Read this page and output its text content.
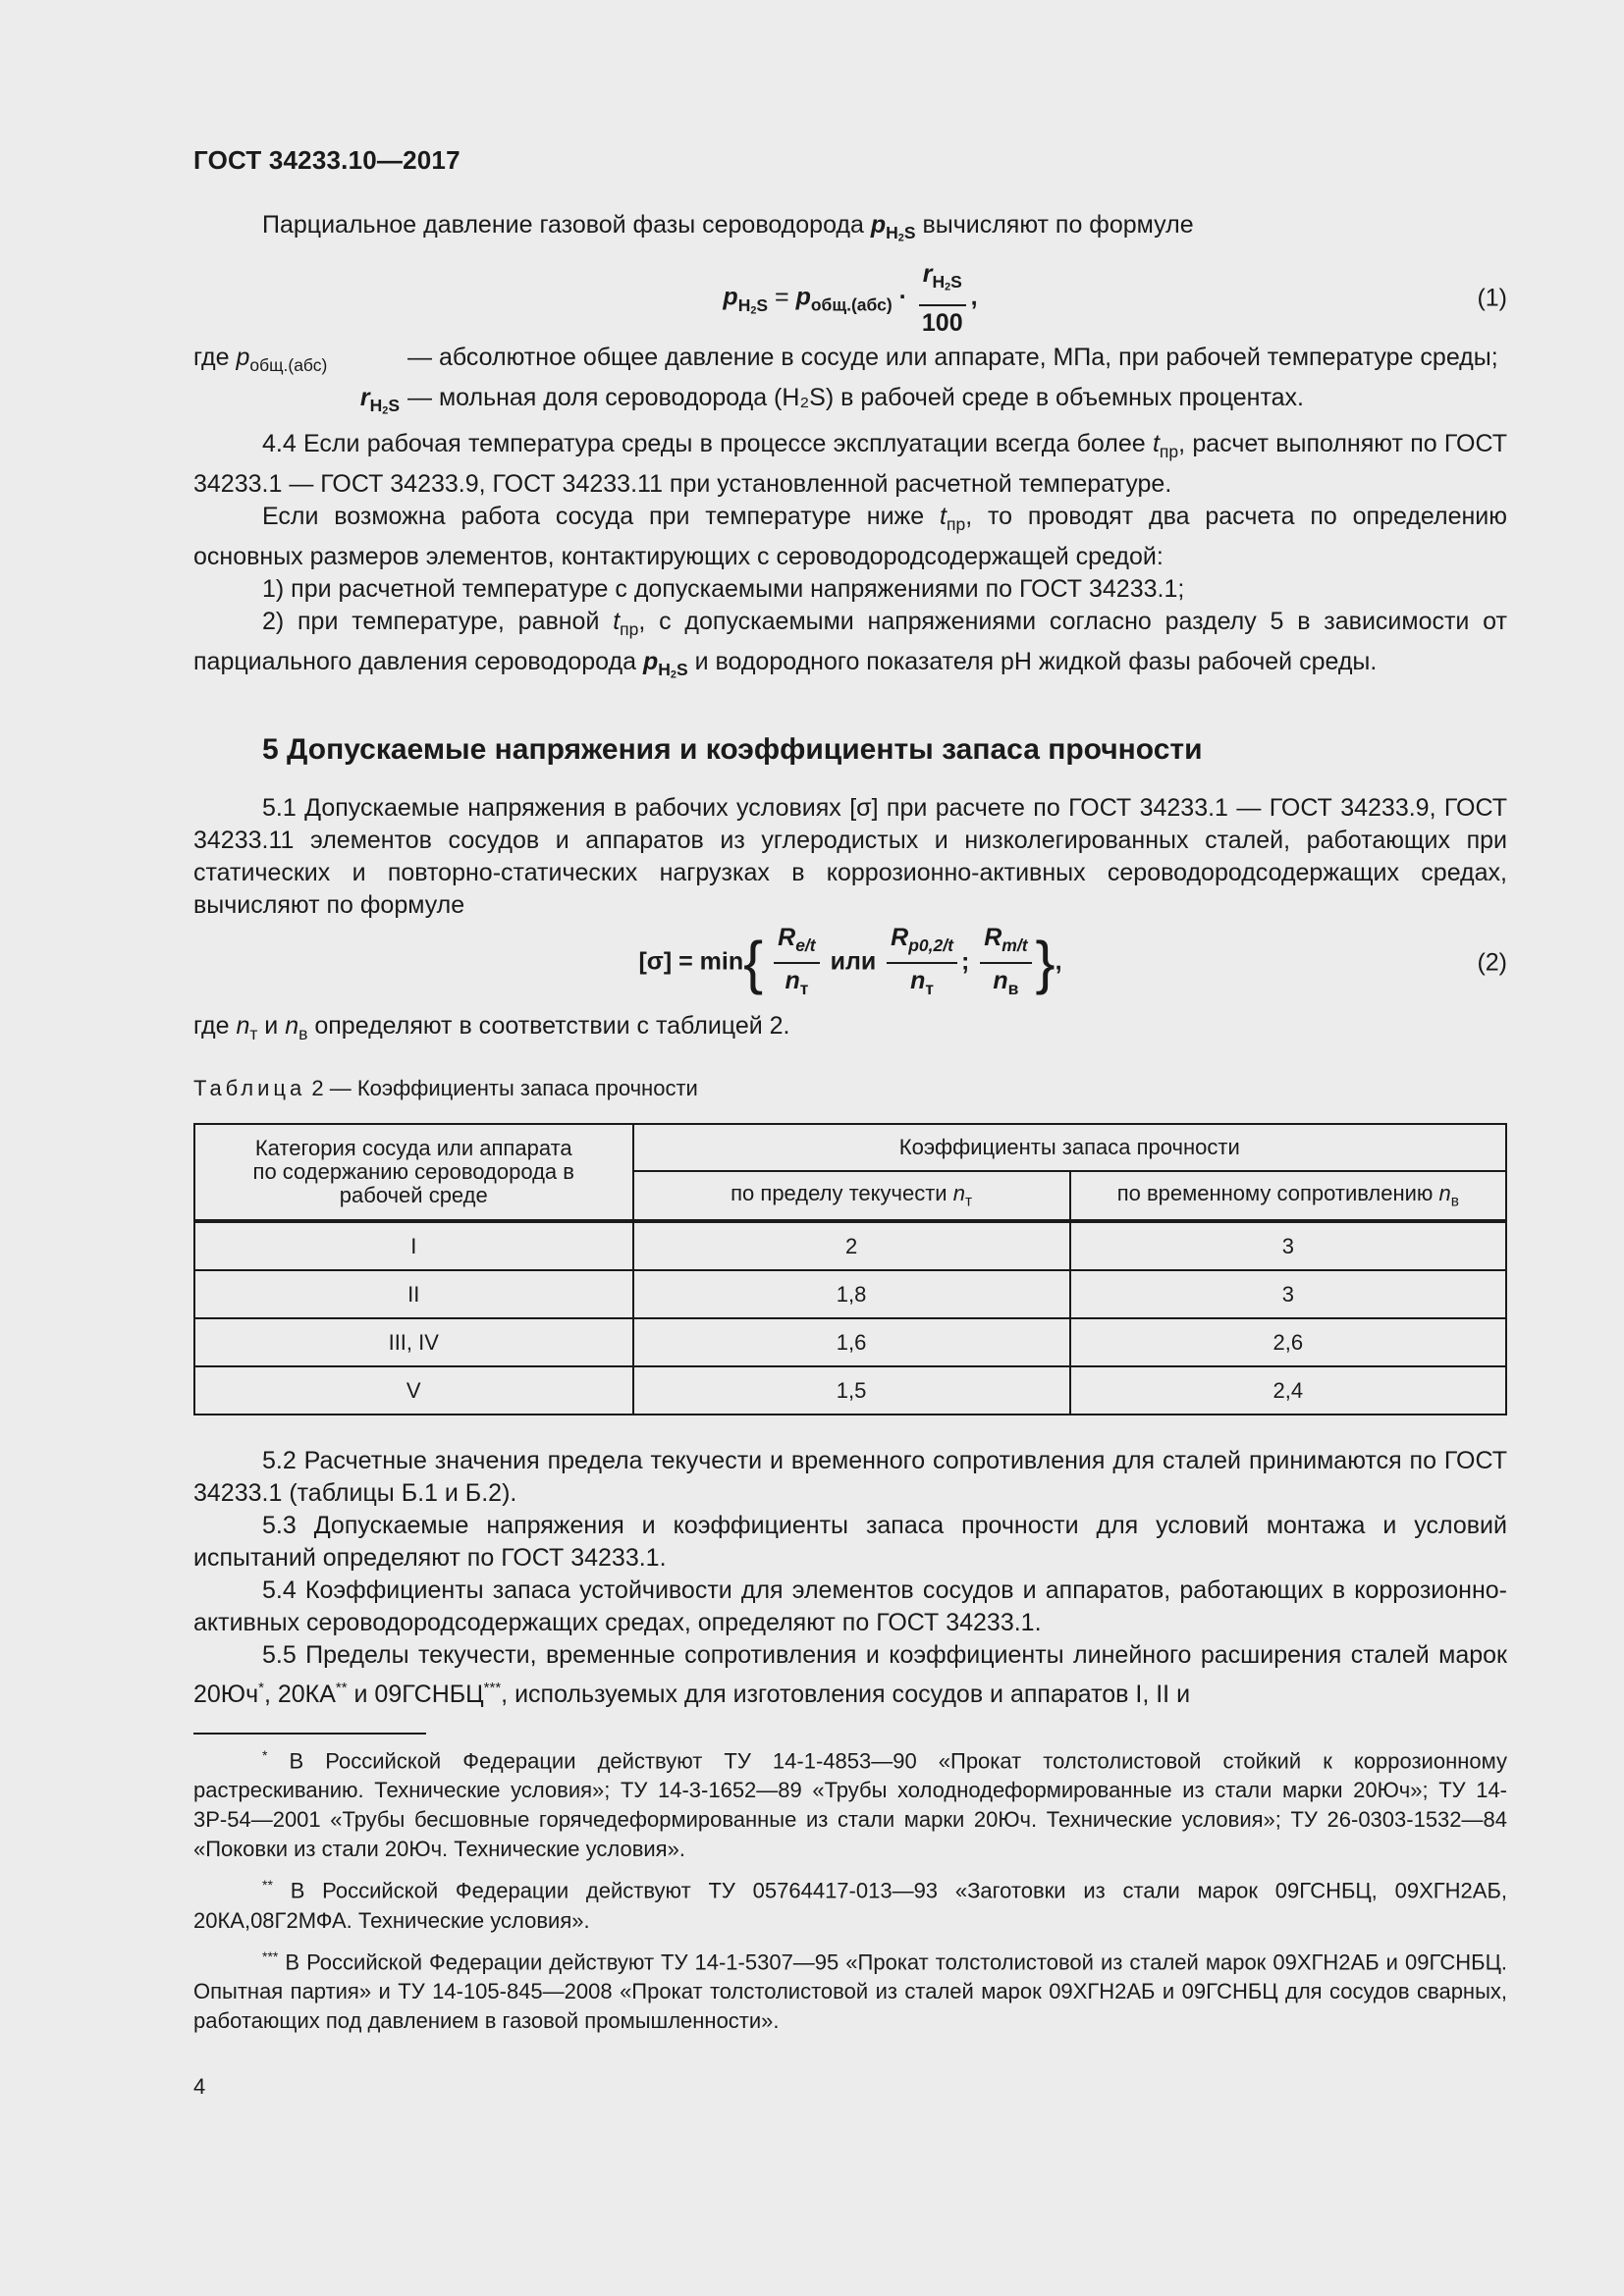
ГОСТ 34233.10—2017

Парциальное давление газовой фазы сероводорода $p_{H2S}$ вычисляют по формуле

$p_{H2S} = p_{общ.(абс)} \cdot \frac{r_{H2S}}{100}$ ,	(1)
где $p_{общ.(абс)}$	— абсолютное общее давление в сосуде или аппарате, МПа, при рабочей температуре среды;
$r_{H2S}$ — мольная доля сероводорода (H₂S) в рабочей среде в объемных процентах.

4.4 Если рабочая температура среды в процессе эксплуатации всегда более $t_{пр}$, расчет выполняют по ГОСТ 34233.1 — ГОСТ 34233.9, ГОСТ 34233.11 при установленной расчетной температуре.

Если возможна работа сосуда при температуре ниже $t_{пр}$, то проводят два расчета по определению основных размеров элементов, контактирующих с сероводородсодержащей средой:

1) при расчетной температуре с допускаемыми напряжениями по ГОСТ 34233.1;

2) при температуре, равной $t_{пр}$, с допускаемыми напряжениями согласно разделу 5 в зависимости от парциального давления сероводорода $p_{H2S}$ и водородного показателя pH жидкой фазы рабочей среды.

5 Допускаемые напряжения и коэффициенты запаса прочности

5.1 Допускаемые напряжения в рабочих условиях [σ] при расчете по ГОСТ 34233.1 — ГОСТ 34233.9, ГОСТ 34233.11 элементов сосудов и аппаратов из углеродистых и низколегированных сталей, работающих при статических и повторно-статических нагрузках в коррозионно-активных сероводородсодержащих средах, вычисляют по формуле

$[\sigma] = \min\{ \frac{R_{e/t}}{n_т}$ или $\frac{R_{p0,2/t}}{n_т}$ ; $\frac{R_{m/t}}{n_в}$ },	(2)

где $n_т$ и $n_в$ определяют в соответствии с таблицей 2.

Таблица 2 — Коэффициенты запаса прочности
Категория сосуда или аппарата по содержанию сероводорода в рабочей среде	Коэффициенты запаса прочности	
	по пределу текучести $n_т$	по временному сопротивлению $n_в$
I	2	3
II	1,8	3
III, IV	1,6	2,6
V	1,5	2,4

5.2 Расчетные значения предела текучести и временного сопротивления для сталей принимаются по ГОСТ 34233.1 (таблицы Б.1 и Б.2).

5.3 Допускаемые напряжения и коэффициенты запаса прочности для условий монтажа и условий испытаний определяют по ГОСТ 34233.1.

5.4 Коэффициенты запаса устойчивости для элементов сосудов и аппаратов, работающих в коррозионно-активных сероводородсодержащих средах, определяют по ГОСТ 34233.1.

5.5 Пределы текучести, временные сопротивления и коэффициенты линейного расширения сталей марок 20Юч*, 20КА** и 09ГСНБЦ***, используемых для изготовления сосудов и аппаратов I, II и

* В Российской Федерации действуют ТУ 14-1-4853—90 «Прокат толстолистовой стойкий к коррозионному растрескиванию. Технические условия»; ТУ 14-3-1652—89 «Трубы холоднодеформированные из стали марки 20Юч»; ТУ 14-3Р-54—2001 «Трубы бесшовные горячедеформированные из стали марки 20Юч. Технические условия»; ТУ 26-0303-1532—84 «Поковки из стали 20Юч. Технические условия».

** В Российской Федерации действуют ТУ 05764417-013—93 «Заготовки из стали марок 09ГСНБЦ, 09ХГН2АБ, 20КА,08Г2МФА. Технические условия».

*** В Российской Федерации действуют ТУ 14-1-5307—95 «Прокат толстолистовой из сталей марок 09ХГН2АБ и 09ГСНБЦ. Опытная партия» и ТУ 14-105-845—2008 «Прокат толстолистовой из сталей марок 09ХГН2АБ и 09ГСНБЦ для сосудов сварных, работающих под давлением в газовой промышленности».

4
